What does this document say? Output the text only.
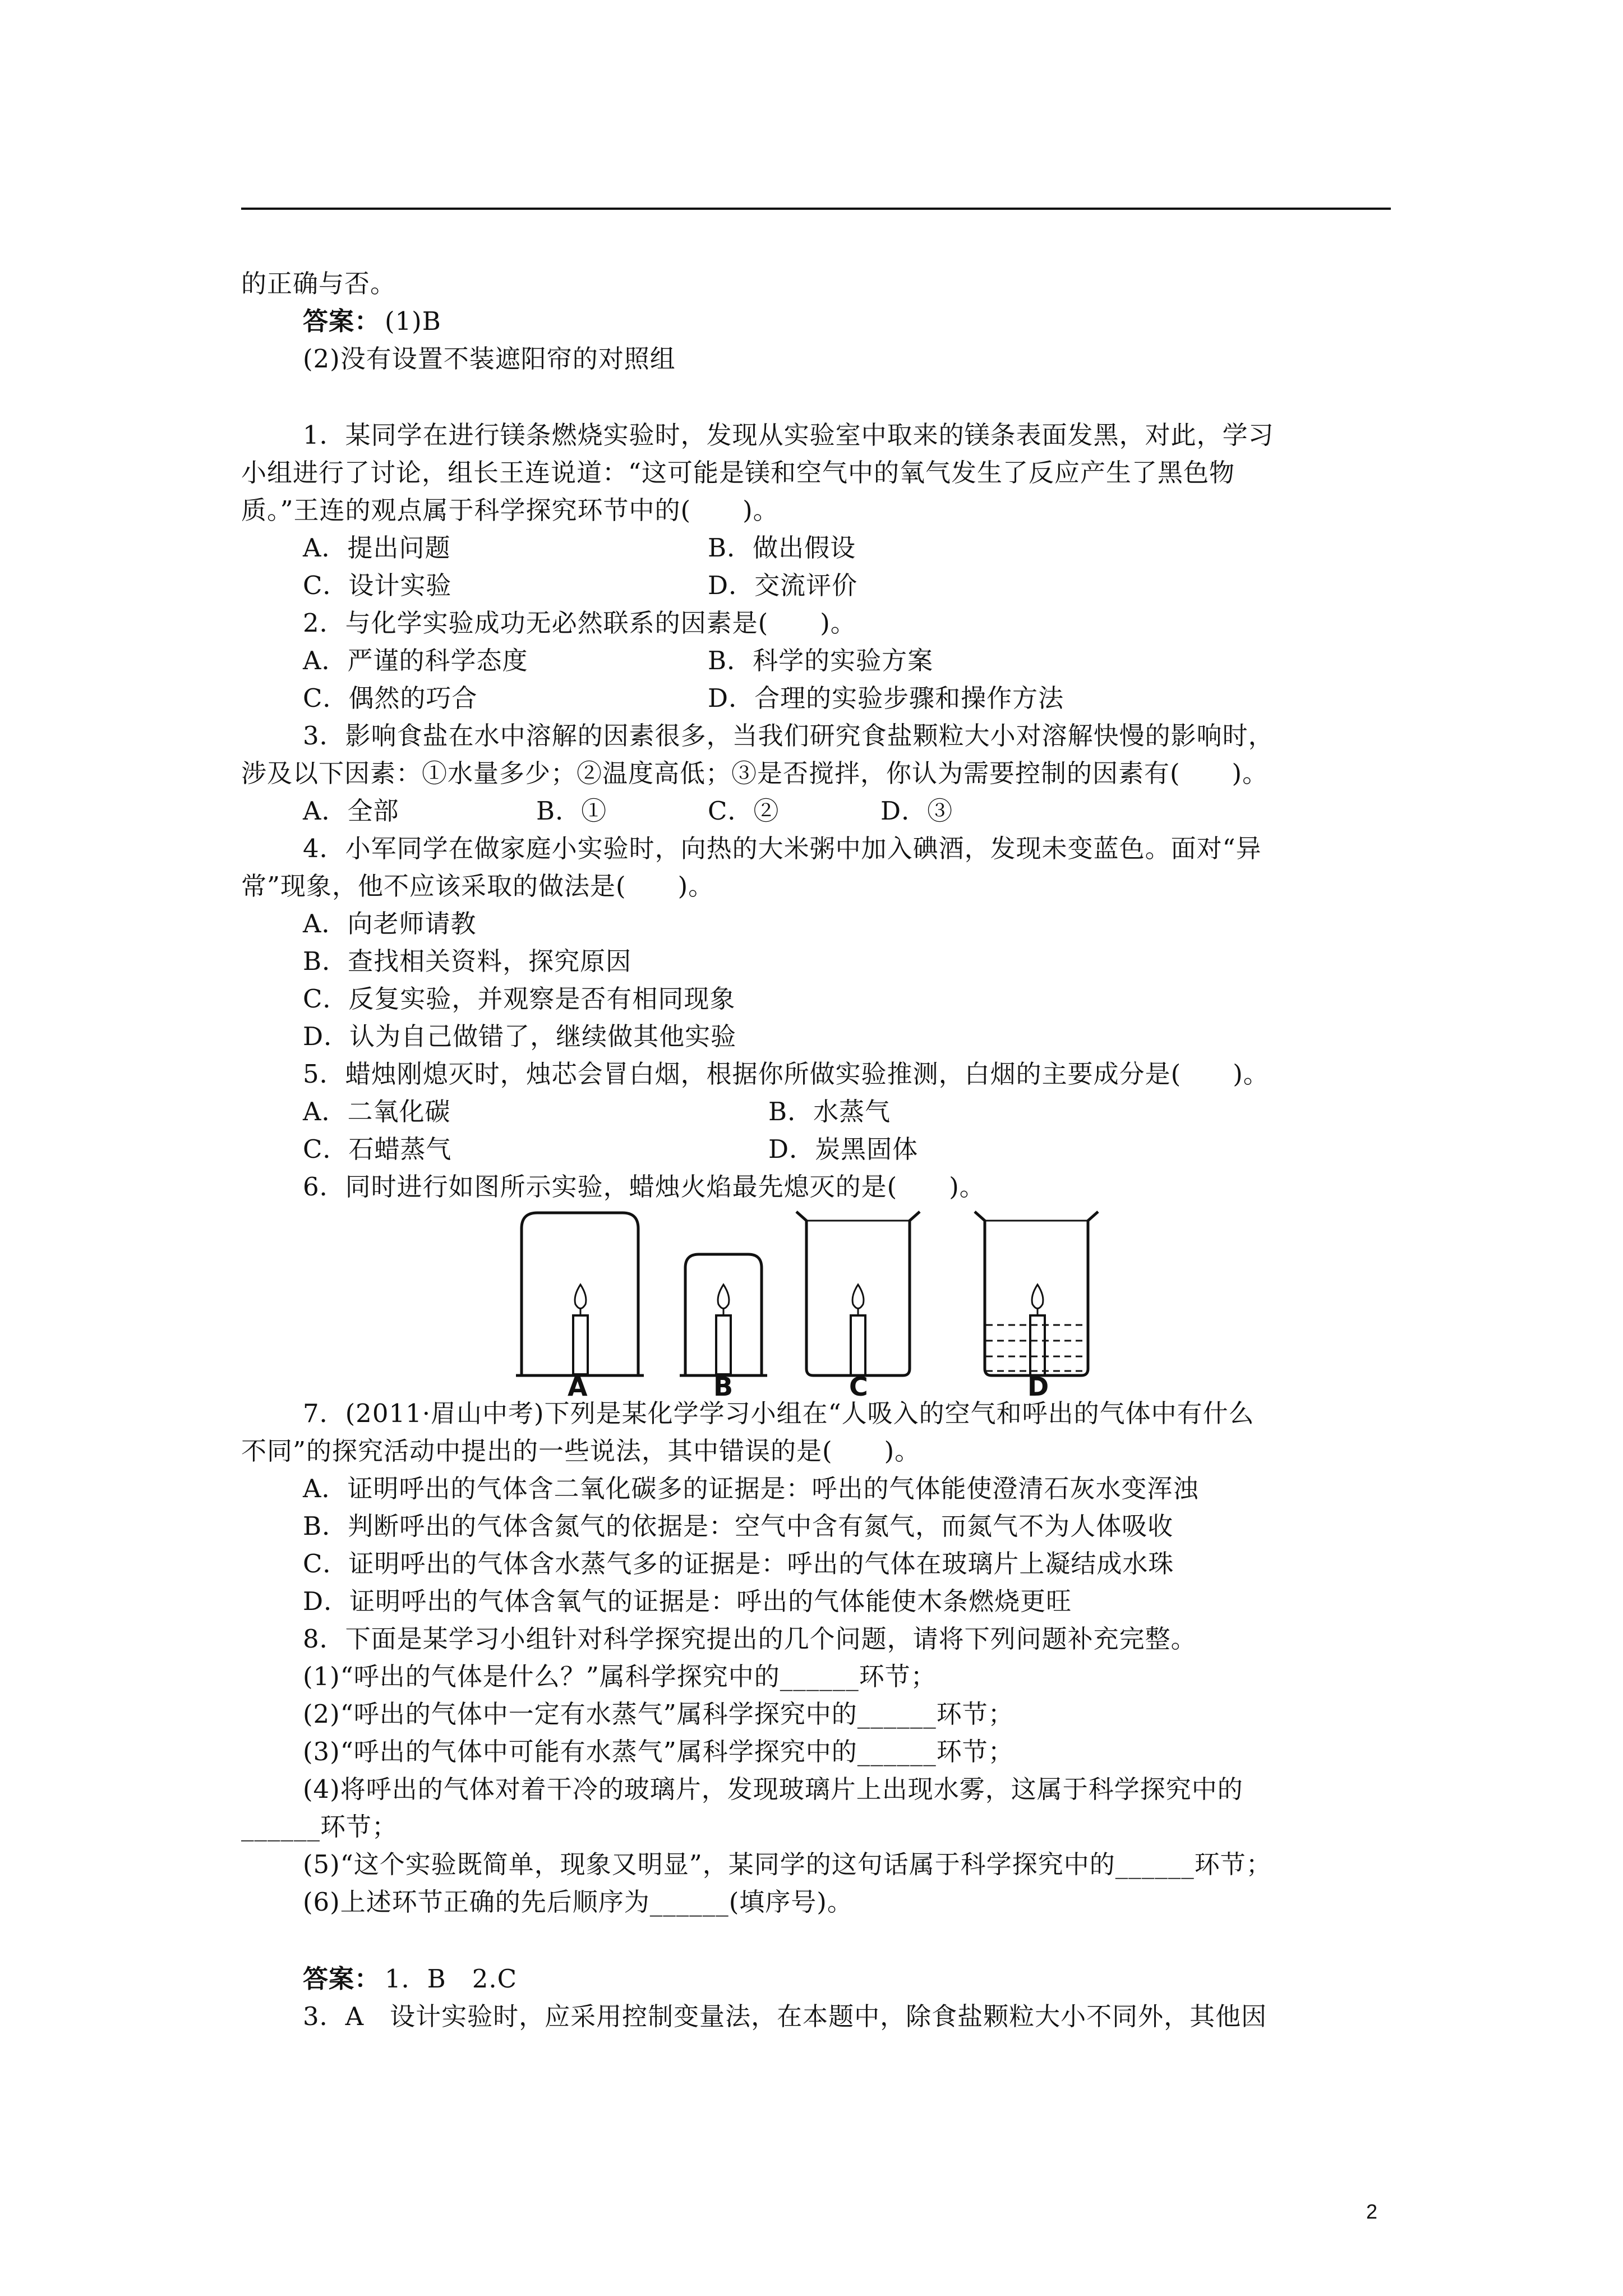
的正确与否。
答案： (1)B
(2)没有设置不装遮阳帘的对照组
1．某同学在进行镁条燃烧实验时，发现从实验室中取来的镁条表面发黑，对此，学习
小组进行了讨论，组长王连说道：“这可能是镁和空气中的氧气发生了反应产生了黑色物
质。”王连的观点属于科学探究环节中的(　　)。
A．提出问题	B．做出假设
C．设计实验	D．交流评价
2．与化学实验成功无必然联系的因素是(　　)。
A．严谨的科学态度	B．科学的实验方案
C．偶然的巧合	D．合理的实验步骤和操作方法
3．影响食盐在水中溶解的因素很多，当我们研究食盐颗粒大小对溶解快慢的影响时，
涉及以下因素：①水量多少；②温度高低；③是否搅拌，你认为需要控制的因素有(　　)。
A．全部	B．①	C．②	D．③
4．小军同学在做家庭小实验时，向热的大米粥中加入碘酒，发现未变蓝色。面对“异
常”现象，他不应该采取的做法是(　　)。
A．向老师请教
B．查找相关资料，探究原因
C．反复实验，并观察是否有相同现象
D．认为自己做错了，继续做其他实验
5．蜡烛刚熄灭时，烛芯会冒白烟，根据你所做实验推测，白烟的主要成分是(　　)。
A．二氧化碳	B．水蒸气
C．石蜡蒸气	D．炭黑固体
6．同时进行如图所示实验，蜡烛火焰最先熄灭的是(　　)。
A	B	C	D
7．(2011·眉山中考)下列是某化学学习小组在“人吸入的空气和呼出的气体中有什么
不同”的探究活动中提出的一些说法，其中错误的是(　　)。
A．证明呼出的气体含二氧化碳多的证据是：呼出的气体能使澄清石灰水变浑浊
B．判断呼出的气体含氮气的依据是：空气中含有氮气，而氮气不为人体吸收
C．证明呼出的气体含水蒸气多的证据是：呼出的气体在玻璃片上凝结成水珠
D．证明呼出的气体含氧气的证据是：呼出的气体能使木条燃烧更旺
8．下面是某学习小组针对科学探究提出的几个问题，请将下列问题补充完整。
(1)“呼出的气体是什么？”属科学探究中的______环节；
(2)“呼出的气体中一定有水蒸气”属科学探究中的______环节；
(3)“呼出的气体中可能有水蒸气”属科学探究中的______环节；
(4)将呼出的气体对着干冷的玻璃片，发现玻璃片上出现水雾，这属于科学探究中的
______环节；
(5)“这个实验既简单，现象又明显”，某同学的这句话属于科学探究中的______环节；
(6)上述环节正确的先后顺序为______(填序号)。
答案： 1．B　2.C
3．A　设计实验时，应采用控制变量法，在本题中，除食盐颗粒大小不同外，其他因
2
